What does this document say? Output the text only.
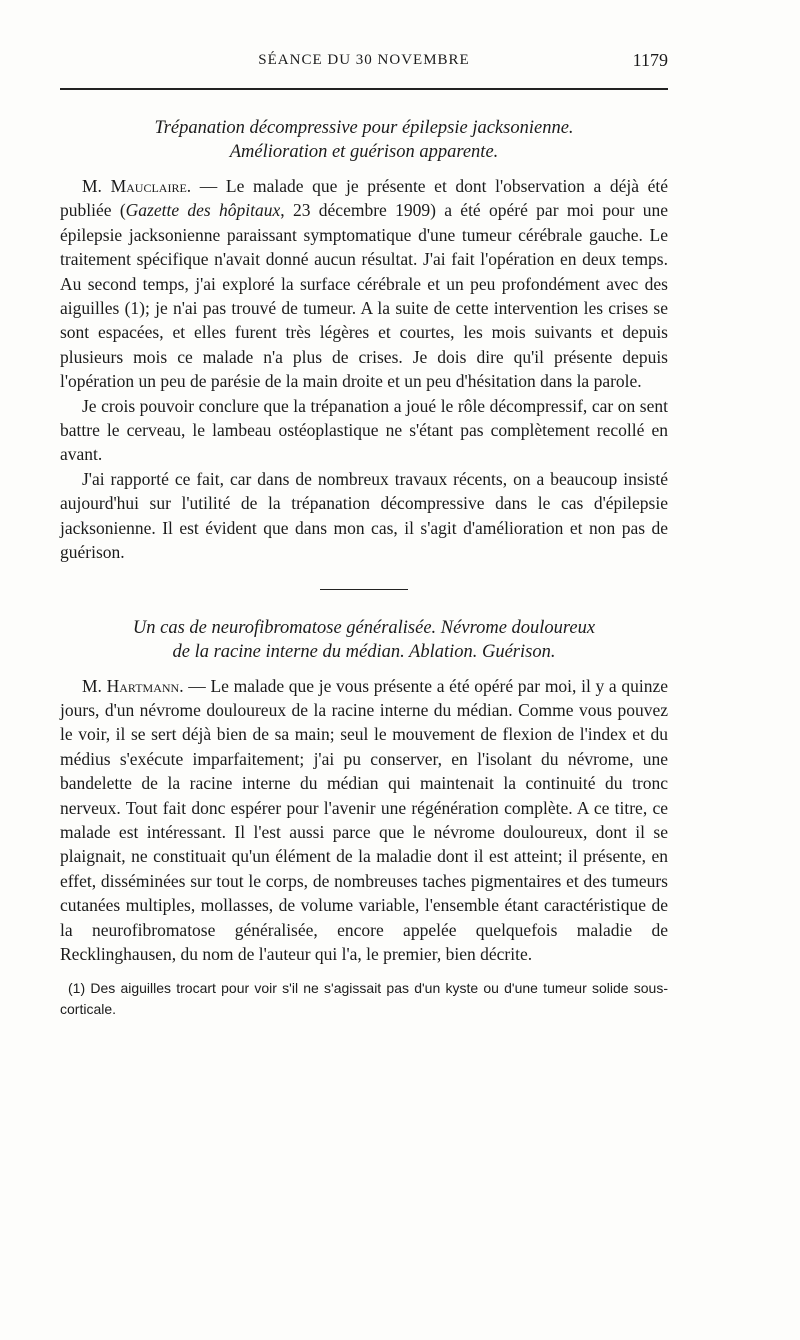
SÉANCE DU 30 NOVEMBRE	1179
Trépanation décompressive pour épilepsie jacksonienne.
Amélioration et guérison apparente.

M. Mauclaire. — Le malade que je présente et dont l'observation a déjà été publiée (Gazette des hôpitaux, 23 décembre 1909) a été opéré par moi pour une épilepsie jacksonienne paraissant symptomatique d'une tumeur cérébrale gauche. Le traitement spécifique n'avait donné aucun résultat. J'ai fait l'opération en deux temps. Au second temps, j'ai exploré la surface cérébrale et un peu profondément avec des aiguilles (1); je n'ai pas trouvé de tumeur. A la suite de cette intervention les crises se sont espacées, et elles furent très légères et courtes, les mois suivants et depuis plusieurs mois ce malade n'a plus de crises. Je dois dire qu'il présente depuis l'opération un peu de parésie de la main droite et un peu d'hésitation dans la parole.

Je crois pouvoir conclure que la trépanation a joué le rôle décompressif, car on sent battre le cerveau, le lambeau ostéoplastique ne s'étant pas complètement recollé en avant.

J'ai rapporté ce fait, car dans de nombreux travaux récents, on a beaucoup insisté aujourd'hui sur l'utilité de la trépanation décompressive dans le cas d'épilepsie jacksonienne. Il est évident que dans mon cas, il s'agit d'amélioration et non pas de guérison.

Un cas de neurofibromatose généralisée. Névrome douloureux
de la racine interne du médian. Ablation. Guérison.

M. Hartmann. — Le malade que je vous présente a été opéré par moi, il y a quinze jours, d'un névrome douloureux de la racine interne du médian. Comme vous pouvez le voir, il se sert déjà bien de sa main; seul le mouvement de flexion de l'index et du médius s'exécute imparfaitement; j'ai pu conserver, en l'isolant du névrome, une bandelette de la racine interne du médian qui maintenait la continuité du tronc nerveux. Tout fait donc espérer pour l'avenir une régénération complète. A ce titre, ce malade est intéressant. Il l'est aussi parce que le névrome douloureux, dont il se plaignait, ne constituait qu'un élément de la maladie dont il est atteint; il présente, en effet, disséminées sur tout le corps, de nombreuses taches pigmentaires et des tumeurs cutanées multiples, mollasses, de volume variable, l'ensemble étant caractéristique de la neurofibromatose généralisée, encore appelée quelquefois maladie de Recklinghausen, du nom de l'auteur qui l'a, le premier, bien décrite.

(1) Des aiguilles trocart pour voir s'il ne s'agissait pas d'un kyste ou d'une tumeur solide sous-corticale.
